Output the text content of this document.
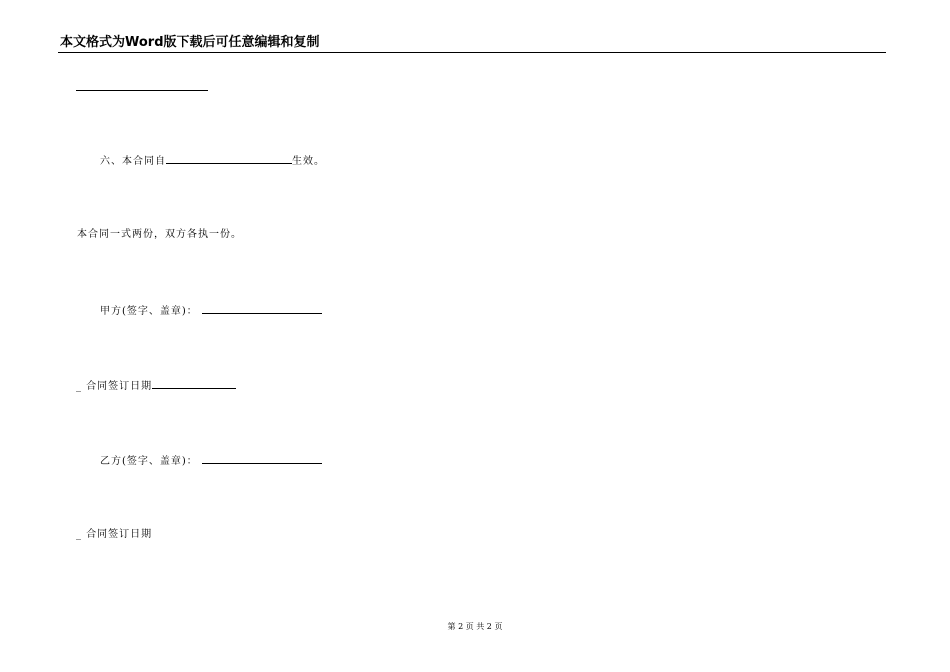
本文格式为Word版下载后可任意编辑和复制
六、本合同自	生效。
本合同一式两份，双方各执一份。
甲方(签字、盖章)：
_ 合同签订日期
乙方(签字、盖章)：
_ 合同签订日期
第 2 页 共 2 页
